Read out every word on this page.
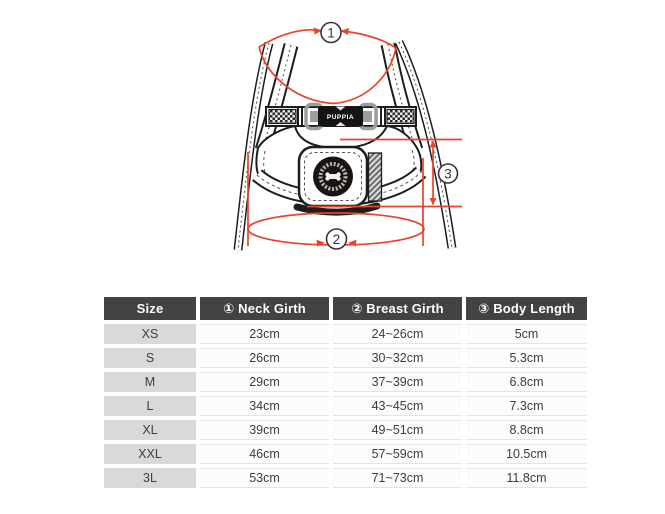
PUPPIA
1
2
3
Size	① Neck Girth	② Breast Girth	③ Body Length
XS	23cm	24~26cm	5cm
S	26cm	30~32cm	5.3cm
M	29cm	37~39cm	6.8cm
L	34cm	43~45cm	7.3cm
XL	39cm	49~51cm	8.8cm
XXL	46cm	57~59cm	10.5cm
3L	53cm	71~73cm	11.8cm
